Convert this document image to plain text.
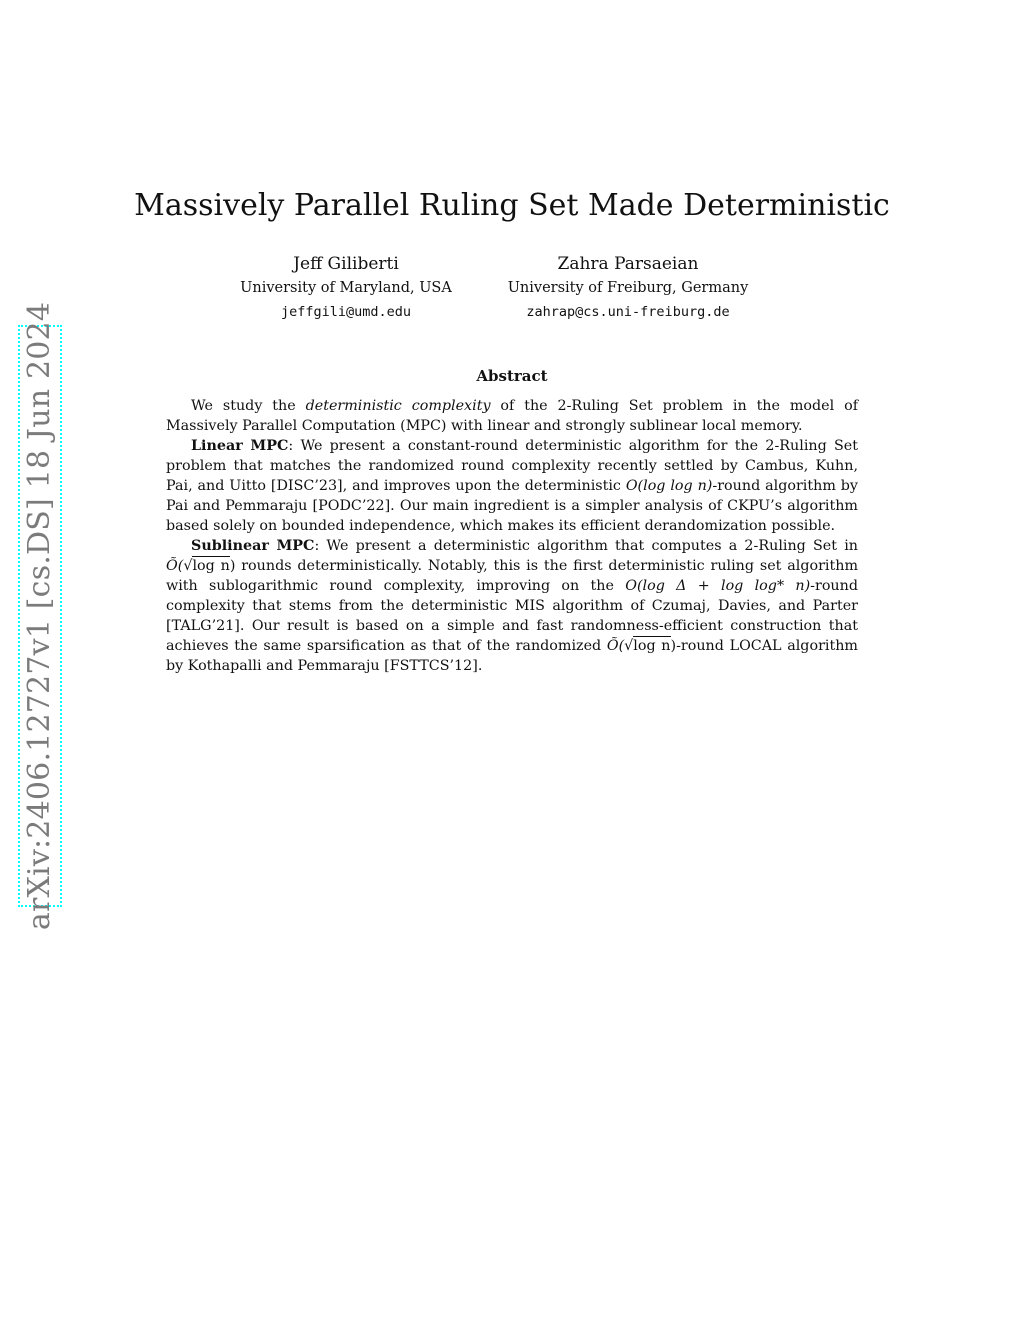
arXiv:2406.12727v1 [cs.DS] 18 Jun 2024
Massively Parallel Ruling Set Made Deterministic
Jeff Giliberti
University of Maryland, USA
jeffgili@umd.edu
Zahra Parsaeian
University of Freiburg, Germany
zahrap@cs.uni-freiburg.de
Abstract

We study the deterministic complexity of the 2-Ruling Set problem in the model of Massively Parallel Computation (MPC) with linear and strongly sublinear local memory.

Linear MPC: We present a constant-round deterministic algorithm for the 2-Ruling Set problem that matches the randomized round complexity recently settled by Cambus, Kuhn, Pai, and Uitto [DISC’23], and improves upon the deterministic O(log log n)-round algorithm by Pai and Pemmaraju [PODC’22]. Our main ingredient is a simpler analysis of CKPU’s algorithm based solely on bounded independence, which makes its efficient derandomization possible.

Sublinear MPC: We present a deterministic algorithm that computes a 2-Ruling Set in Õ(√log n) rounds deterministically. Notably, this is the first deterministic ruling set algorithm with sublogarithmic round complexity, improving on the O(log Δ + log log* n)-round complexity that stems from the deterministic MIS algorithm of Czumaj, Davies, and Parter [TALG’21]. Our result is based on a simple and fast randomness-efficient construction that achieves the same sparsification as that of the randomized Õ(√log n)-round LOCAL algorithm by Kothapalli and Pemmaraju [FSTTCS’12].
